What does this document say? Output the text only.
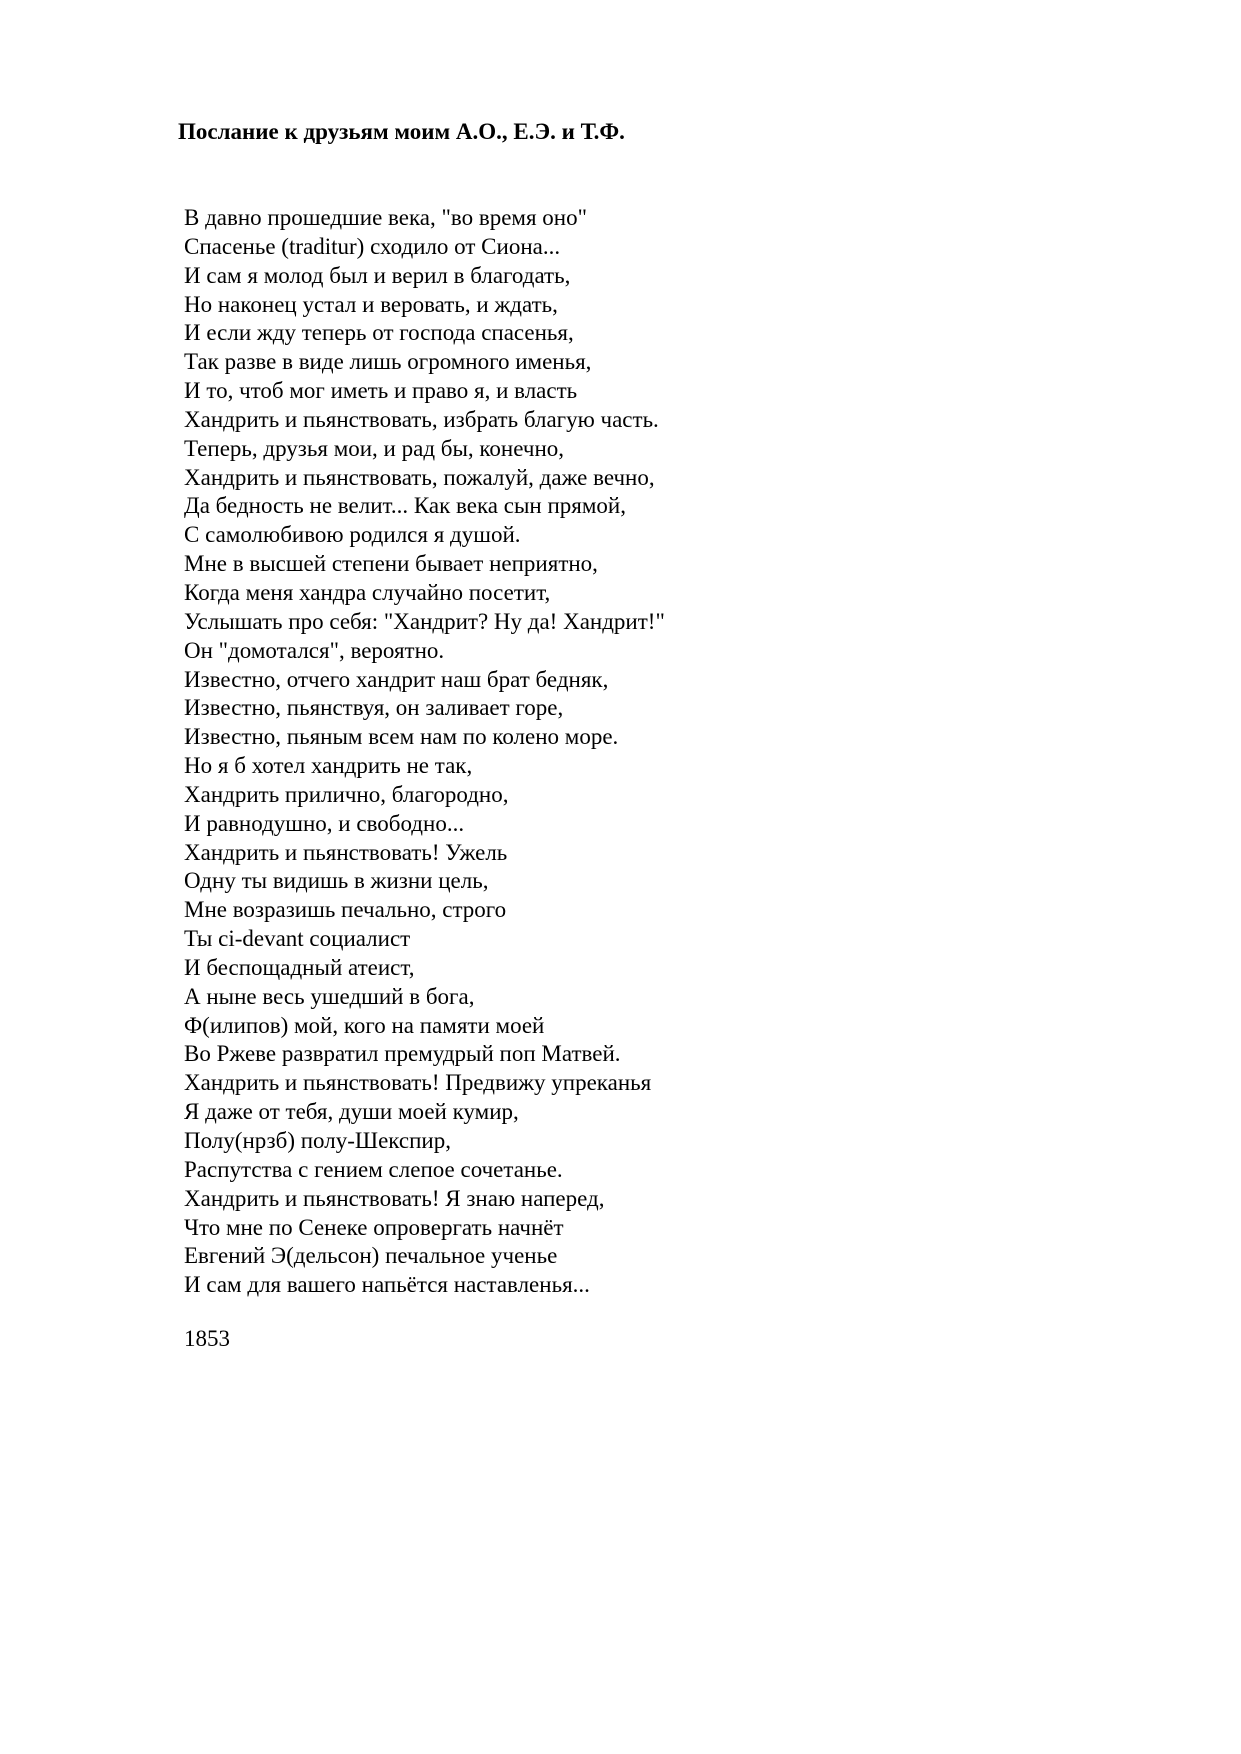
Послание к друзьям моим А.О., Е.Э. и Т.Ф.
В давно прошедшие века, "во время оно"
Спасенье (traditur) сходило от Сиона...
И сам я молод был и верил в благодать,
Но наконец устал и веровать, и ждать,
И если жду теперь от господа спасенья,
Так разве в виде лишь огромного именья,
И то, чтоб мог иметь и право я, и власть
Хандрить и пьянствовать, избрать благую часть.
Теперь, друзья мои, и рад бы, конечно,
Хандрить и пьянствовать, пожалуй, даже вечно,
Да бедность не велит... Как века сын прямой,
С самолюбивою родился я душой.
Мне в высшей степени бывает неприятно,
Когда меня хандра случайно посетит,
Услышать про себя: "Хандрит? Ну да! Хандрит!"
Он "домотался", вероятно.
Известно, отчего хандрит наш брат бедняк,
Известно, пьянствуя, он заливает горе,
Известно, пьяным всем нам по колено море.
Но я б хотел хандрить не так,
Хандрить прилично, благородно,
И равнодушно, и свободно...
Хандрить и пьянствовать! Ужель
Одну ты видишь в жизни цель,
Мне возразишь печально, строго
Ты ci-devant социалист
И беспощадный атеист,
А ныне весь ушедший в бога,
Ф(илипов) мой, кого на памяти моей
Во Ржеве развратил премудрый поп Матвей.
Хандрить и пьянствовать! Предвижу упреканья
Я даже от тебя, души моей кумир,
Полу(нрзб) полу-Шекспир,
Распутства с гением слепое сочетанье.
Хандрить и пьянствовать! Я знаю наперед,
Что мне по Сенеке опровергать начнёт
Евгений Э(дельсон) печальное ученье
И сам для вашего напьётся наставленья...

1853
